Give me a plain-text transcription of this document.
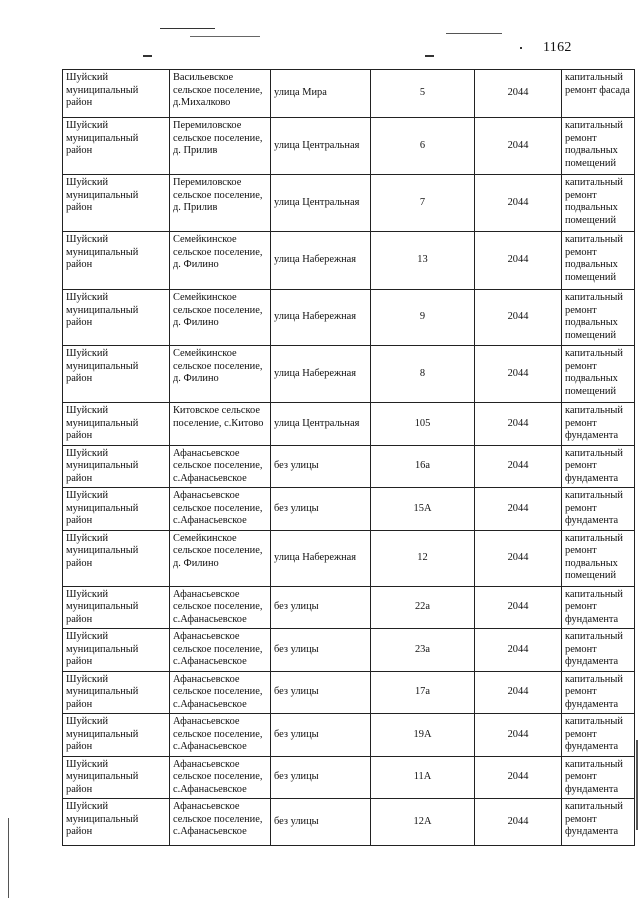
1162
Шуйский муниципальный район	Васильевское сельское поселение, д.Михалково	улица Мира	5	2044	капитальный ремонт фасада
Шуйский муниципальный район	Перемиловское сельское поселение, д. Прилив	улица Центральная	6	2044	капитальный ремонт подвальных помещений
Шуйский муниципальный район	Перемиловское сельское поселение, д. Прилив	улица Центральная	7	2044	капитальный ремонт подвальных помещений
Шуйский муниципальный район	Семейкинское сельское поселение, д. Филино	улица Набережная	13	2044	капитальный ремонт подвальных помещений
Шуйский муниципальный район	Семейкинское сельское поселение, д. Филино	улица Набережная	9	2044	капитальный ремонт подвальных помещений
Шуйский муниципальный район	Семейкинское сельское поселение, д. Филино	улица Набережная	8	2044	капитальный ремонт подвальных помещений
Шуйский муниципальный район	Китовское сельское поселение, с.Китово	улица Центральная	105	2044	капитальный ремонт фундамента
Шуйский муниципальный район	Афанасьевское сельское поселение, с.Афанасьевское	без улицы	16а	2044	капитальный ремонт фундамента
Шуйский муниципальный район	Афанасьевское сельское поселение, с.Афанасьевское	без улицы	15А	2044	капитальный ремонт фундамента
Шуйский муниципальный район	Семейкинское сельское поселение, д. Филино	улица Набережная	12	2044	капитальный ремонт подвальных помещений
Шуйский муниципальный район	Афанасьевское сельское поселение, с.Афанасьевское	без улицы	22а	2044	капитальный ремонт фундамента
Шуйский муниципальный район	Афанасьевское сельское поселение, с.Афанасьевское	без улицы	23а	2044	капитальный ремонт фундамента
Шуйский муниципальный район	Афанасьевское сельское поселение, с.Афанасьевское	без улицы	17а	2044	капитальный ремонт фундамента
Шуйский муниципальный район	Афанасьевское сельское поселение, с.Афанасьевское	без улицы	19А	2044	капитальный ремонт фундамента
Шуйский муниципальный район	Афанасьевское сельское поселение, с.Афанасьевское	без улицы	11А	2044	капитальный ремонт фундамента
Шуйский муниципальный район	Афанасьевское сельское поселение, с.Афанасьевское	без улицы	12А	2044	капитальный ремонт фундамента
